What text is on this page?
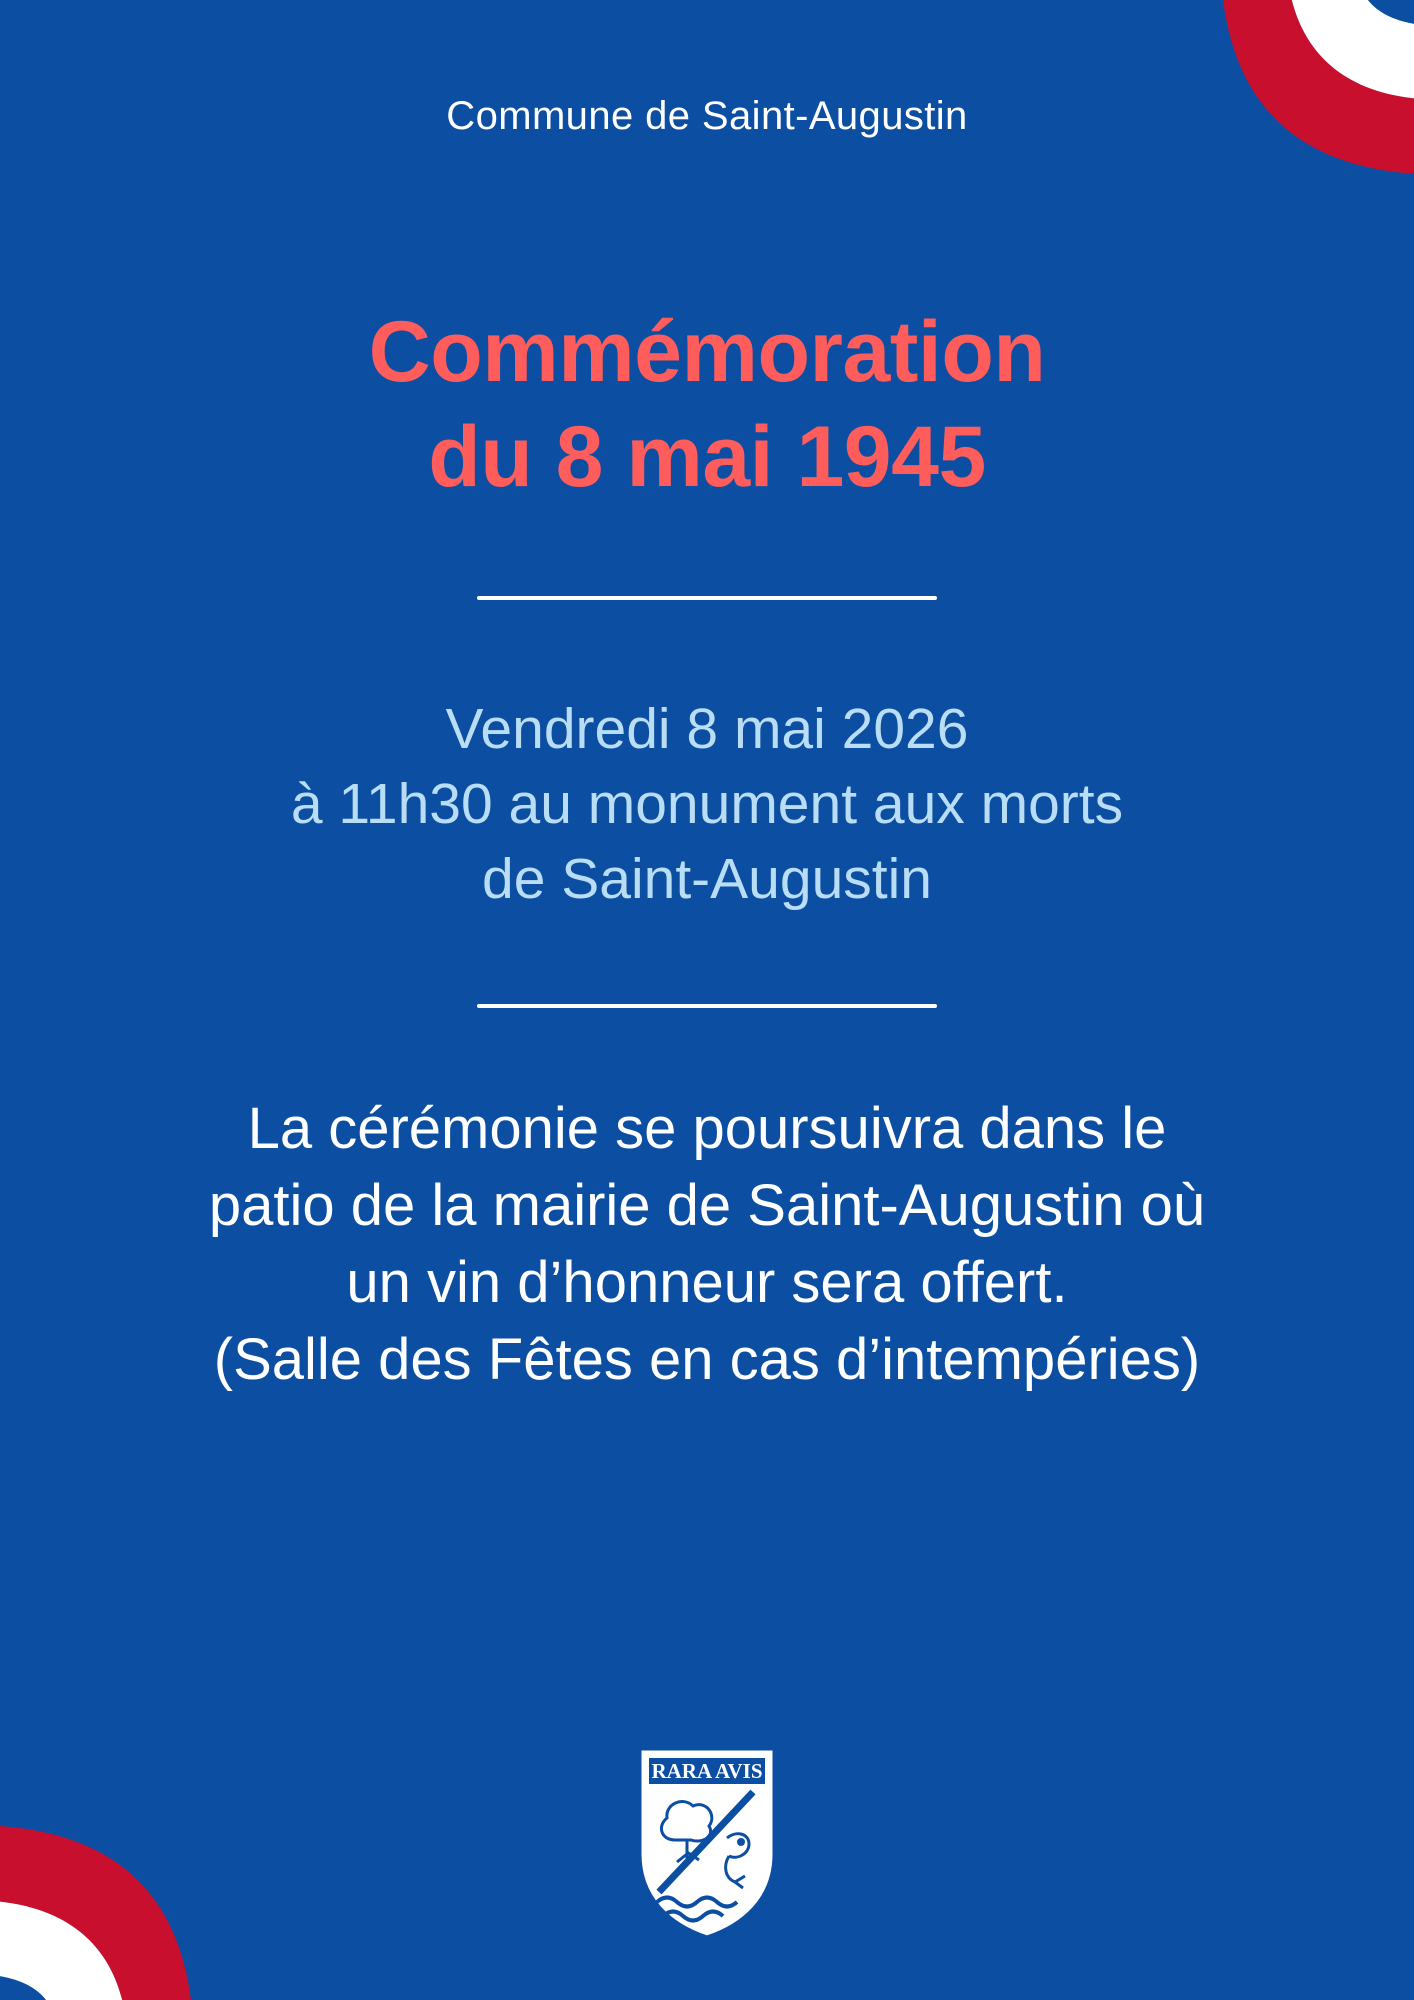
Commune de Saint-Augustin
Commémoration
du 8 mai 1945
Vendredi 8 mai 2026
à 11h30 au monument aux morts
de Saint-Augustin
La cérémonie se poursuivra dans le
patio de la mairie de Saint-Augustin où
un vin d’honneur sera offert.
(Salle des Fêtes en cas d’intempéries)
RARA AVIS
